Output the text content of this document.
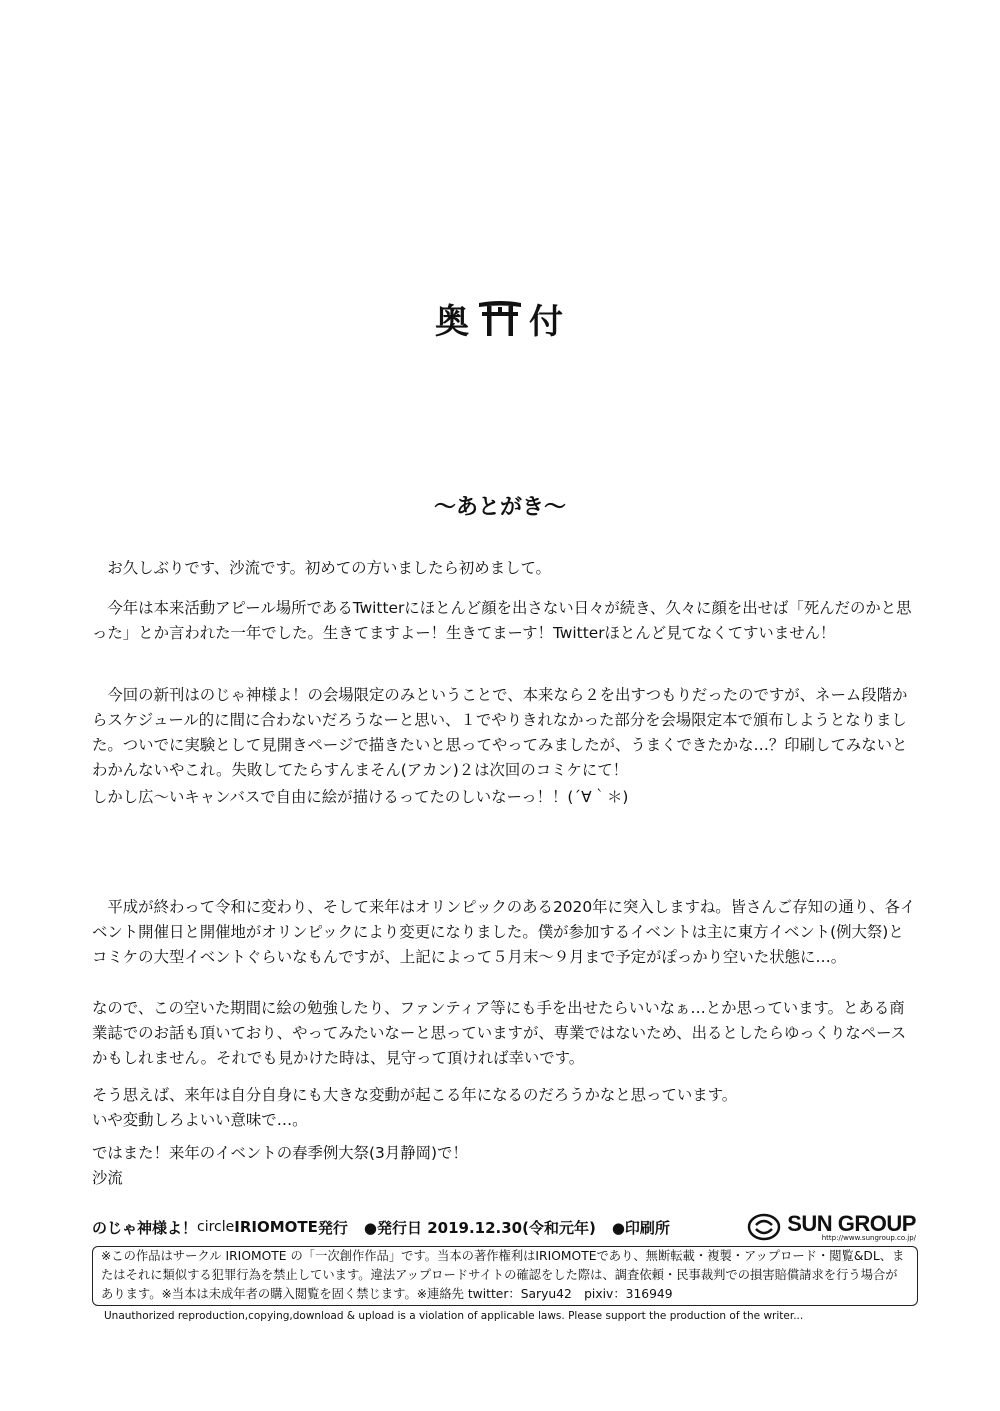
奥 付
～あとがき～

　お久しぶりです、沙流です。初めての方いましたら初めまして。

　今年は本来活動アピール場所であるTwitterにほとんど顔を出さない日々が続き、久々に顔を出せば「死んだのかと思った」とか言われた一年でした。生きてますよー！生きてまーす！Twitterほとんど見てなくてすいません！

　今回の新刊はのじゃ神様よ！の会場限定のみということで、本来なら２を出すつもりだったのですが、ネーム段階からスケジュール的に間に合わないだろうなーと思い、１でやりきれなかった部分を会場限定本で頒布しようとなりました。ついでに実験として見開きページで描きたいと思ってやってみましたが、うまくできたかな…？印刷してみないとわかんないやこれ。失敗してたらすんまそん(アカン)２は次回のコミケにて！

しかし広～いキャンバスで自由に絵が描けるってたのしいなーっ！！(´∀｀＊)

　平成が終わって令和に変わり、そして来年はオリンピックのある2020年に突入しますね。皆さんご存知の通り、各イベント開催日と開催地がオリンピックにより変更になりました。僕が参加するイベントは主に東方イベント(例大祭)とコミケの大型イベントぐらいなもんですが、上記によって５月末～９月まで予定がぽっかり空いた状態に…。

なので、この空いた期間に絵の勉強したり、ファンティア等にも手を出せたらいいなぁ…とか思っています。とある商業誌でのお話も頂いており、やってみたいなーと思っていますが、専業ではないため、出るとしたらゆっくりなペースかもしれません。それでも見かけた時は、見守って頂ければ幸いです。

そう思えば、来年は自分自身にも大きな変動が起こる年になるのだろうかなと思っています。
いや変動しろよいい意味で…。

ではまた！来年のイベントの春季例大祭(3月静岡)で！
沙流

のじゃ神様よ！ circle IRIOMOTE 発行 ●発行日 2019.12.30(令和元年) ●印刷所	SUN GROUP
http://www.sungroup.co.jp/
※この作品はサークル IRIOMOTE の「一次創作作品」です。当本の著作権利はIRIOMOTEであり、無断転載・複製・アップロード・閲覧&DL、またはそれに類似する犯罪行為を禁止しています。違法アップロードサイトの確認をした際は、調査依頼・民事裁判での損害賠償請求を行う場合があります。※当本は未成年者の購入閲覧を固く禁じます。※連絡先 twitter：Saryu42　pixiv：316949
Unauthorized reproduction,copying,download & upload is a violation of applicable laws. Please support the production of the writer...
